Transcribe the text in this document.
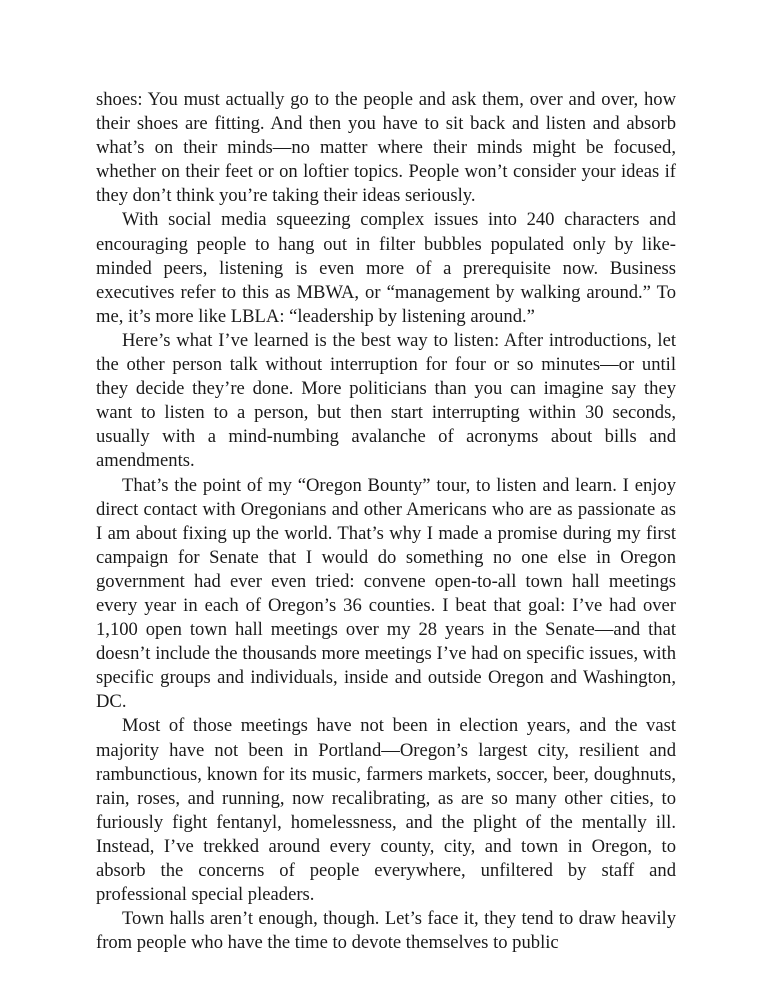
shoes: You must actually go to the people and ask them, over and over, how their shoes are fitting. And then you have to sit back and listen and absorb what’s on their minds—no matter where their minds might be focused, whether on their feet or on loftier topics. People won’t consider your ideas if they don’t think you’re taking their ideas seriously.

With social media squeezing complex issues into 240 characters and encouraging people to hang out in filter bubbles populated only by like-minded peers, listening is even more of a prerequisite now. Business executives refer to this as MBWA, or “management by walking around.” To me, it’s more like LBLA: “leadership by listening around.”

Here’s what I’ve learned is the best way to listen: After introductions, let the other person talk without interruption for four or so minutes—or until they decide they’re done. More politicians than you can imagine say they want to listen to a person, but then start interrupting within 30 seconds, usually with a mind-numbing avalanche of acronyms about bills and amendments.

That’s the point of my “Oregon Bounty” tour, to listen and learn. I enjoy direct contact with Oregonians and other Americans who are as passionate as I am about fixing up the world. That’s why I made a promise during my first campaign for Senate that I would do something no one else in Oregon government had ever even tried: convene open-to-all town hall meetings every year in each of Oregon’s 36 counties. I beat that goal: I’ve had over 1,100 open town hall meetings over my 28 years in the Senate—and that doesn’t include the thousands more meetings I’ve had on specific issues, with specific groups and individuals, inside and outside Oregon and Washington, DC.

Most of those meetings have not been in election years, and the vast majority have not been in Portland—Oregon’s largest city, resilient and rambunctious, known for its music, farmers markets, soccer, beer, doughnuts, rain, roses, and running, now recalibrating, as are so many other cities, to furiously fight fentanyl, homelessness, and the plight of the mentally ill. Instead, I’ve trekked around every county, city, and town in Oregon, to absorb the concerns of people everywhere, unfiltered by staff and professional special pleaders.

Town halls aren’t enough, though. Let’s face it, they tend to draw heavily from people who have the time to devote themselves to public
